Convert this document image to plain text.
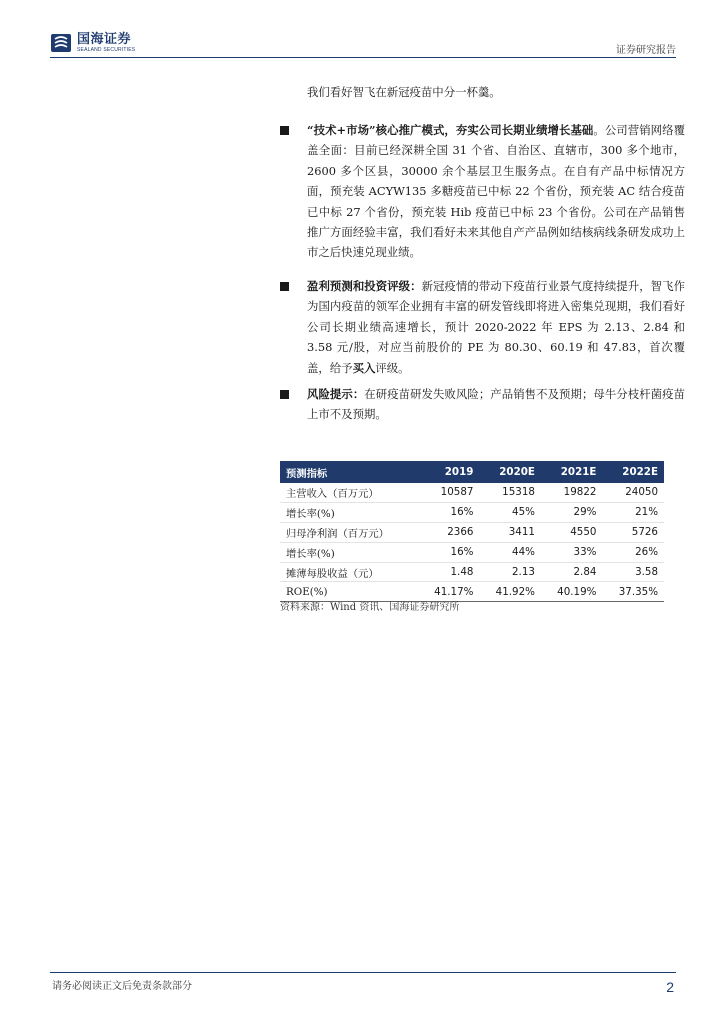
国海证券
SEALAND SECURITIES	证券研究报告
我们看好智飞在新冠疫苗中分一杯羹。
“技术+市场”核心推广模式，夯实公司长期业绩增长基础。公司营销网络覆盖全面：目前已经深耕全国 31 个省、自治区、直辖市，300 多个地市，2600 多个区县，30000 余个基层卫生服务点。在自有产品中标情况方面，预充装 ACYW135 多糖疫苗已中标 22 个省份，预充装 AC 结合疫苗已中标 27 个省份，预充装 Hib 疫苗已中标 23 个省份。公司在产品销售推广方面经验丰富，我们看好未来其他自产产品例如结核病线条研发成功上市之后快速兑现业绩。
盈利预测和投资评级：新冠疫情的带动下疫苗行业景气度持续提升，智飞作为国内疫苗的领军企业拥有丰富的研发管线即将进入密集兑现期，我们看好公司长期业绩高速增长，预计 2020-2022 年 EPS 为 2.13、2.84 和 3.58 元/股，对应当前股价的 PE 为 80.30、60.19 和 47.83，首次覆盖，给予买入评级。
风险提示：在研疫苗研发失败风险；产品销售不及预期；母牛分枝杆菌疫苗上市不及预期。
预测指标	2019	2020E	2021E	2022E
主营收入（百万元）	10587	15318	19822	24050
增长率(%)	16%	45%	29%	21%
归母净利润（百万元）	2366	3411	4550	5726
增长率(%)	16%	44%	33%	26%
摊薄每股收益（元）	1.48	2.13	2.84	3.58
ROE(%)	41.17%	41.92%	40.19%	37.35%
资料来源：Wind 资讯、国海证券研究所
请务必阅读正文后免责条款部分	2
